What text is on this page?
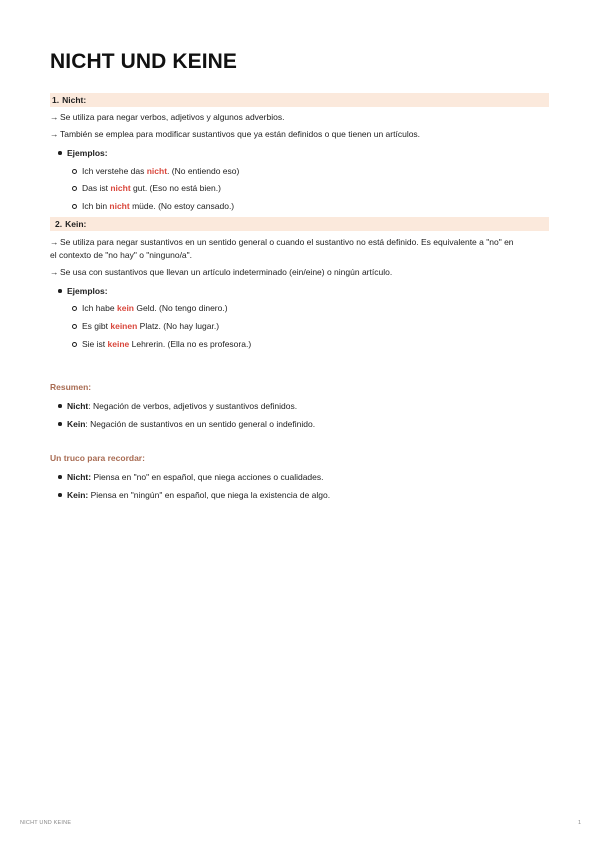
NICHT UND KEINE
1. Nicht:
→ Se utiliza para negar verbos, adjetivos y algunos adverbios.
→ También se emplea para modificar sustantivos que ya están definidos o que tienen un artículos.
Ejemplos:
Ich verstehe das nicht. (No entiendo eso)
Das ist nicht gut. (Eso no está bien.)
Ich bin nicht müde. (No estoy cansado.)
2. Kein:
→ Se utiliza para negar sustantivos en un sentido general o cuando el sustantivo no está definido. Es equivalente a "no" en
el contexto de "no hay" o "ninguno/a".
→ Se usa con sustantivos que llevan un artículo indeterminado (ein/eine) o ningún artículo.
Ejemplos:
Ich habe kein Geld. (No tengo dinero.)
Es gibt keinen Platz. (No hay lugar.)
Sie ist keine Lehrerin. (Ella no es profesora.)
Resumen:
Nicht: Negación de verbos, adjetivos y sustantivos definidos.
Kein: Negación de sustantivos en un sentido general o indefinido.
Un truco para recordar:
Nicht: Piensa en "no" en español, que niega acciones o cualidades.
Kein: Piensa en "ningún" en español, que niega la existencia de algo.
NICHT UND KEINE	1
